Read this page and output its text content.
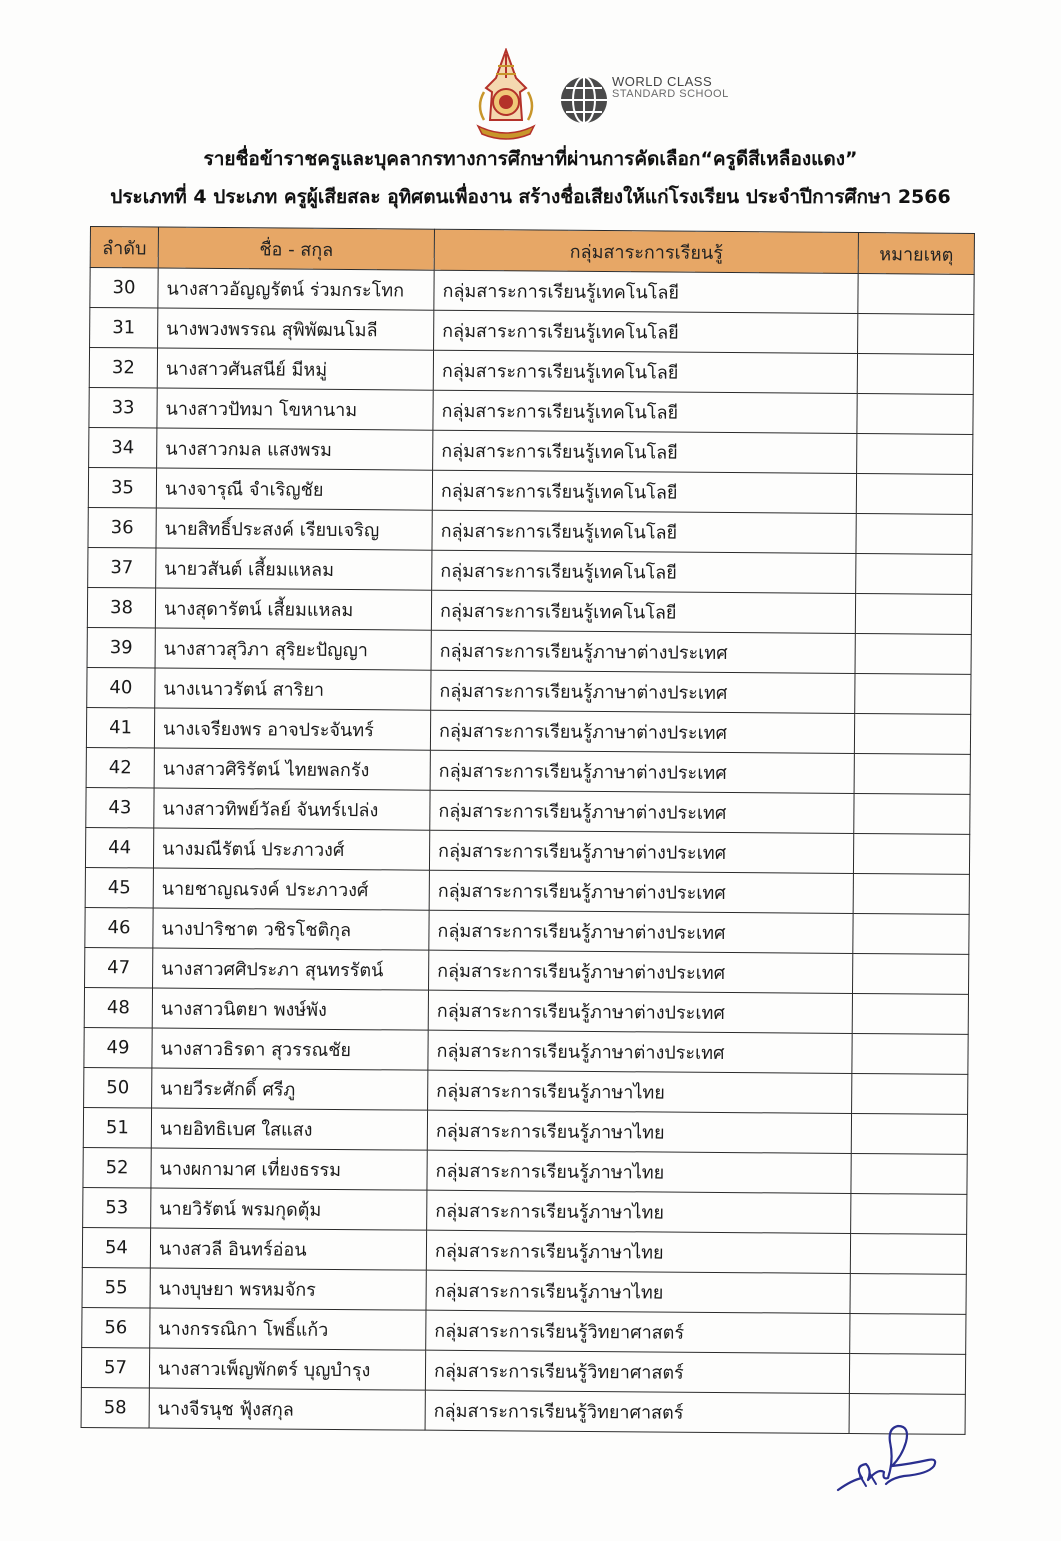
WORLD CLASS
STANDARD SCHOOL
รายชื่อข้าราชครูและบุคลากรทางการศึกษาที่ผ่านการคัดเลือก“ครูดีสีเหลืองแดง”
ประเภทที่ 4 ประเภท ครูผู้เสียสละ อุทิศตนเพื่องาน สร้างชื่อเสียงให้แก่โรงเรียน ประจำปีการศึกษา 2566
ลำดับ	ชื่อ - สกุล	กลุ่มสาระการเรียนรู้	หมายเหตุ
30	นางสาวอัญญรัตน์ ร่วมกระโทก	กลุ่มสาระการเรียนรู้เทคโนโลยี	
31	นางพวงพรรณ สุพิพัฒนโมลี	กลุ่มสาระการเรียนรู้เทคโนโลยี	
32	นางสาวศันสนีย์ มีหมู่	กลุ่มสาระการเรียนรู้เทคโนโลยี	
33	นางสาวปัทมา โขหานาม	กลุ่มสาระการเรียนรู้เทคโนโลยี	
34	นางสาวกมล แสงพรม	กลุ่มสาระการเรียนรู้เทคโนโลยี	
35	นางจารุณี จำเริญชัย	กลุ่มสาระการเรียนรู้เทคโนโลยี	
36	นายสิทธิ์ประสงค์ เรียบเจริญ	กลุ่มสาระการเรียนรู้เทคโนโลยี	
37	นายวสันต์ เสี้ยมแหลม	กลุ่มสาระการเรียนรู้เทคโนโลยี	
38	นางสุดารัตน์ เสี้ยมแหลม	กลุ่มสาระการเรียนรู้เทคโนโลยี	
39	นางสาวสุวิภา สุริยะปัญญา	กลุ่มสาระการเรียนรู้ภาษาต่างประเทศ	
40	นางเนาวรัตน์ สาริยา	กลุ่มสาระการเรียนรู้ภาษาต่างประเทศ	
41	นางเจรียงพร อาจประจันทร์	กลุ่มสาระการเรียนรู้ภาษาต่างประเทศ	
42	นางสาวศิริรัตน์ ไทยพลกรัง	กลุ่มสาระการเรียนรู้ภาษาต่างประเทศ	
43	นางสาวทิพย์วัลย์ จันทร์เปล่ง	กลุ่มสาระการเรียนรู้ภาษาต่างประเทศ	
44	นางมณีรัตน์ ประภาวงศ์	กลุ่มสาระการเรียนรู้ภาษาต่างประเทศ	
45	นายชาญณรงค์ ประภาวงศ์	กลุ่มสาระการเรียนรู้ภาษาต่างประเทศ	
46	นางปาริชาต วชิรโชติกุล	กลุ่มสาระการเรียนรู้ภาษาต่างประเทศ	
47	นางสาวศศิประภา สุนทรรัตน์	กลุ่มสาระการเรียนรู้ภาษาต่างประเทศ	
48	นางสาวนิตยา พงษ์พัง	กลุ่มสาระการเรียนรู้ภาษาต่างประเทศ	
49	นางสาวธิรดา สุวรรณชัย	กลุ่มสาระการเรียนรู้ภาษาต่างประเทศ	
50	นายวีระศักดิ์ ศรีภู	กลุ่มสาระการเรียนรู้ภาษาไทย	
51	นายอิทธิเบศ ใสแสง	กลุ่มสาระการเรียนรู้ภาษาไทย	
52	นางผกามาศ เที่ยงธรรม	กลุ่มสาระการเรียนรู้ภาษาไทย	
53	นายวิรัตน์ พรมกุดตุ้ม	กลุ่มสาระการเรียนรู้ภาษาไทย	
54	นางสวลี อินทร์อ่อน	กลุ่มสาระการเรียนรู้ภาษาไทย	
55	นางบุษยา พรหมจักร	กลุ่มสาระการเรียนรู้ภาษาไทย	
56	นางกรรณิกา โพธิ์แก้ว	กลุ่มสาระการเรียนรู้วิทยาศาสตร์	
57	นางสาวเพ็ญพักตร์ บุญบำรุง	กลุ่มสาระการเรียนรู้วิทยาศาสตร์	
58	นางจีรนุช ฟุ้งสกุล	กลุ่มสาระการเรียนรู้วิทยาศาสตร์	
